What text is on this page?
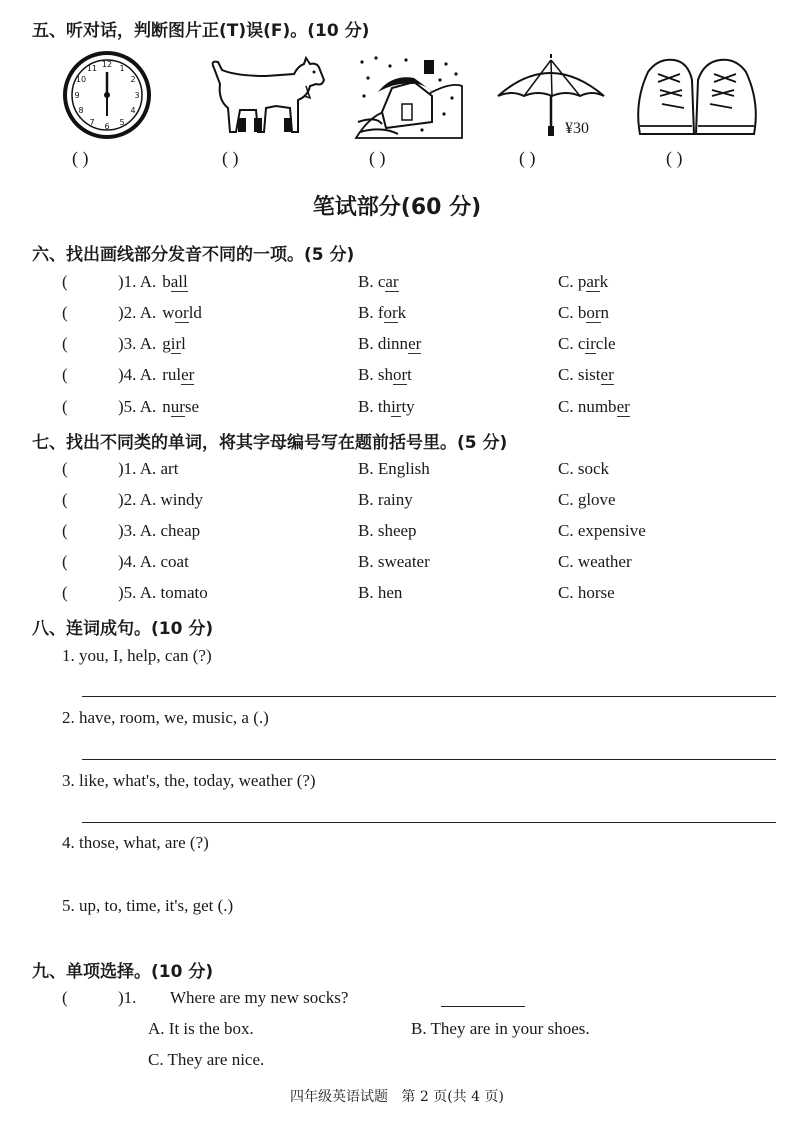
五、听对话，判断图片正(T)误(F)。(10 分)
12 1
2
3
4
5
6
7
8
9
10
11
¥30
( )	( )	( )	( )	( )
笔试部分(60 分)
六、找出画线部分发音不同的一项。(5 分)
(	)1. A. ball	B. car	C. park
(	)2. A. world	B. fork	C. born
(	)3. A. girl	B. dinner	C. circle
(	)4. A. ruler	B. short	C. sister
(	)5. A. nurse	B. thirty	C. number
七、找出不同类的单词，将其字母编号写在题前括号里。(5 分)
(	)1. A. art	B. English	C. sock
(	)2. A. windy	B. rainy	C. glove
(	)3. A. cheap	B. sheep	C. expensive
(	)4. A. coat	B. sweater	C. weather
(	)5. A. tomato	B. hen	C. horse
八、连词成句。(10 分)
1. you, I, help, can (?)
2. have, room, we, music, a (.)
3. like, what's, the, today, weather (?)
4. those, what, are (?)
5. up, to, time, it's, get (.)
九、单项选择。(10 分)
(	)1. Where are my new socks?
A. It is the box.	B. They are in your shoes.
C. They are nice.
四年级英语试题   第 2 页(共 4 页)
